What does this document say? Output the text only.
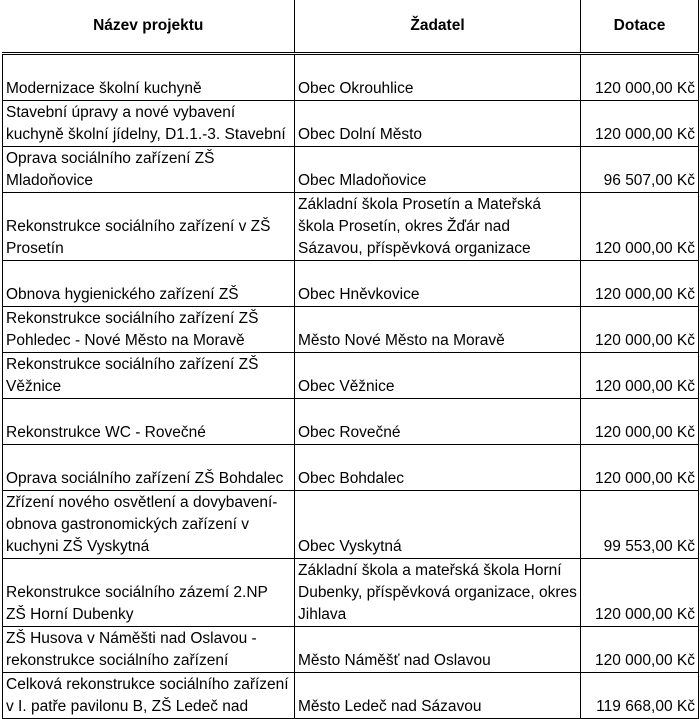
Název projektu	Žadatel	Dotace
Modernizace školní kuchyně	Obec Okrouhlice	120 000,00 Kč
Stavební úpravy a nové vybavení kuchyně školní jídelny, D1.1.-3. Stavební	Obec Dolní Město	120 000,00 Kč
Oprava sociálního zařízení ZŠ Mladoňovice	Obec Mladoňovice	96 507,00 Kč
Rekonstrukce sociálního zařízení v ZŠ Prosetín	Základní škola Prosetín a Mateřská škola Prosetín, okres Žďár nad Sázavou, příspěvková organizace	120 000,00 Kč
Obnova hygienického zařízení ZŠ	Obec Hněvkovice	120 000,00 Kč
Rekonstrukce sociálního zařízení ZŠ Pohledec - Nové Město na Moravě	Město Nové Město na Moravě	120 000,00 Kč
Rekonstrukce sociálního zařízení ZŠ Věžnice	Obec Věžnice	120 000,00 Kč
Rekonstrukce WC - Rovečné	Obec Rovečné	120 000,00 Kč
Oprava sociálního zařízení ZŠ Bohdalec	Obec Bohdalec	120 000,00 Kč
Zřízení nového osvětlení a dovybavení-obnova gastronomických zařízení v kuchyni ZŠ Vyskytná	Obec Vyskytná	99 553,00 Kč
Rekonstrukce sociálního zázemí 2.NP ZŠ Horní Dubenky	Základní škola a mateřská škola Horní Dubenky, příspěvková organizace, okres Jihlava	120 000,00 Kč
ZŠ Husova v Náměšti nad Oslavou - rekonstrukce sociálního zařízení	Město Náměšť nad Oslavou	120 000,00 Kč
Celková rekonstrukce sociálního zařízení v I. patře pavilonu B, ZŠ Ledeč nad	Město Ledeč nad Sázavou	119 668,00 Kč
